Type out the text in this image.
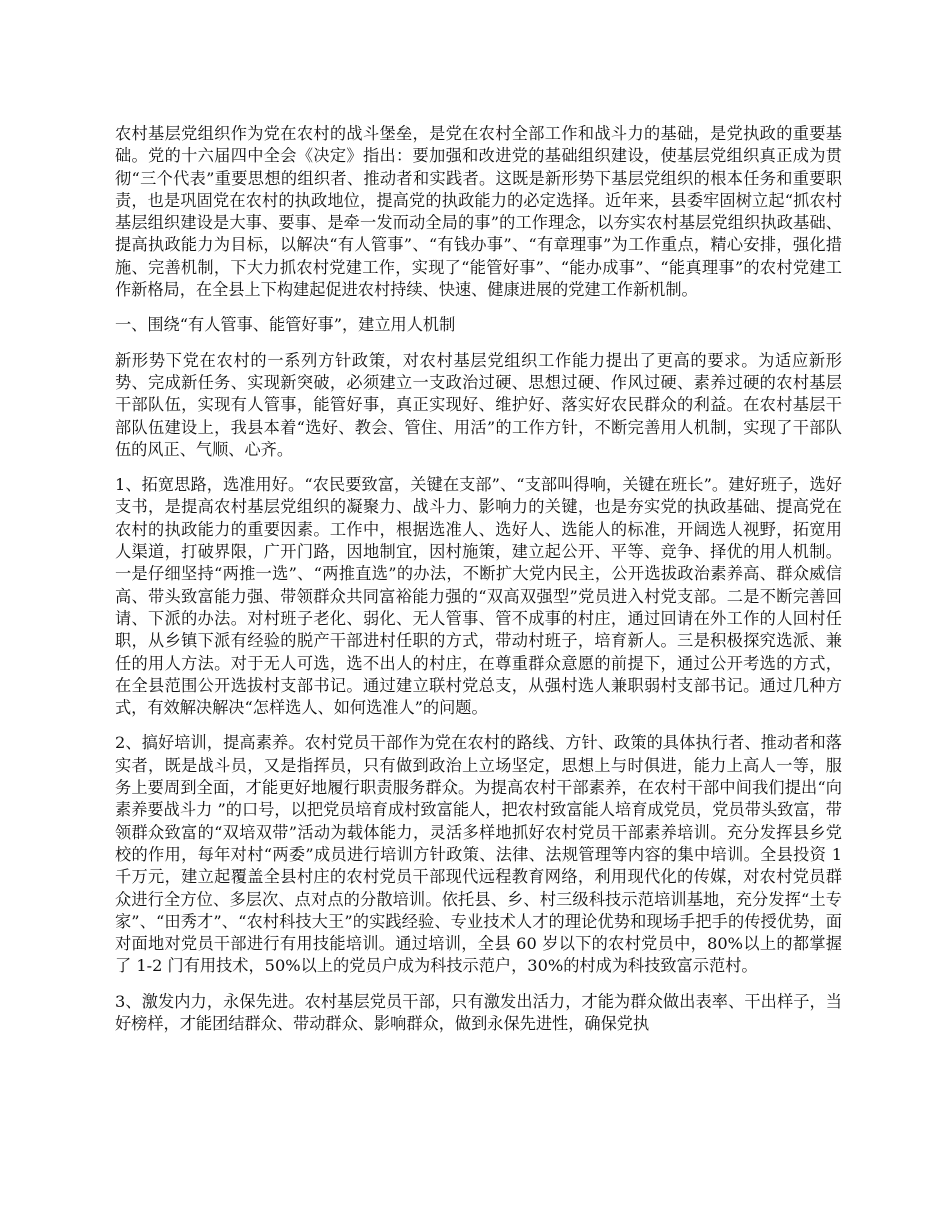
农村基层党组织作为党在农村的战斗堡垒，是党在农村全部工作和战斗力的基础，是党执政的重要基础。党的十六届四中全会《决定》指出：要加强和改进党的基础组织建设，使基层党组织真正成为贯彻“三个代表”重要思想的组织者、推动者和实践者。这既是新形势下基层党组织的根本任务和重要职责，也是巩固党在农村的执政地位，提高党的执政能力的必定选择。近年来，县委牢固树立起“抓农村基层组织建设是大事、要事、是牵一发而动全局的事”的工作理念，以夯实农村基层党组织执政基础、提高执政能力为目标，以解决“有人管事”、“有钱办事”、“有章理事”为工作重点，精心安排，强化措施、完善机制，下大力抓农村党建工作，实现了“能管好事”、“能办成事”、“能真理事”的农村党建工作新格局，在全县上下构建起促进农村持续、快速、健康进展的党建工作新机制。

一、围绕“有人管事、能管好事”，建立用人机制

新形势下党在农村的一系列方针政策，对农村基层党组织工作能力提出了更高的要求。为适应新形势、完成新任务、实现新突破，必须建立一支政治过硬、思想过硬、作风过硬、素养过硬的农村基层干部队伍，实现有人管事，能管好事，真正实现好、维护好、落实好农民群众的利益。在农村基层干部队伍建设上，我县本着“选好、教会、管住、用活”的工作方针，不断完善用人机制，实现了干部队伍的风正、气顺、心齐。

1、拓宽思路，选准用好。“农民要致富，关键在支部”、“支部叫得响，关键在班长”。建好班子，选好支书，是提高农村基层党组织的凝聚力、战斗力、影响力的关键，也是夯实党的执政基础、提高党在农村的执政能力的重要因素。工作中，根据选准人、选好人、选能人的标准，开阔选人视野，拓宽用人渠道，打破界限，广开门路，因地制宜，因村施策，建立起公开、平等、竞争、择优的用人机制。一是仔细坚持“两推一选”、“两推直选”的办法，不断扩大党内民主，公开选拔政治素养高、群众威信高、带头致富能力强、带领群众共同富裕能力强的“双高双强型”党员进入村党支部。二是不断完善回请、下派的办法。对村班子老化、弱化、无人管事、管不成事的村庄，通过回请在外工作的人回村任职，从乡镇下派有经验的脱产干部进村任职的方式，带动村班子，培育新人。三是积极探究选派、兼任的用人方法。对于无人可选，选不出人的村庄，在尊重群众意愿的前提下，通过公开考选的方式，在全县范围公开选拔村支部书记。通过建立联村党总支，从强村选人兼职弱村支部书记。通过几种方式，有效解决解决“怎样选人、如何选准人”的问题。

2、搞好培训，提高素养。农村党员干部作为党在农村的路线、方针、政策的具体执行者、推动者和落实者，既是战斗员，又是指挥员，只有做到政治上立场坚定，思想上与时俱进，能力上高人一等，服务上要周到全面，才能更好地履行职责服务群众。为提高农村干部素养，在农村干部中间我们提出“向素养要战斗力 ”的口号，以把党员培育成村致富能人，把农村致富能人培育成党员，党员带头致富，带领群众致富的“双培双带”活动为载体能力，灵活多样地抓好农村党员干部素养培训。充分发挥县乡党校的作用，每年对村“两委”成员进行培训方针政策、法律、法规管理等内容的集中培训。全县投资 1 千万元，建立起覆盖全县村庄的农村党员干部现代远程教育网络，利用现代化的传媒，对农村党员群众进行全方位、多层次、点对点的分散培训。依托县、乡、村三级科技示范培训基地，充分发挥“土专家”、“田秀才”、“农村科技大王”的实践经验、专业技术人才的理论优势和现场手把手的传授优势，面对面地对党员干部进行有用技能培训。通过培训，全县 60 岁以下的农村党员中，80%以上的都掌握了 1-2 门有用技术，50%以上的党员户成为科技示范户，30%的村成为科技致富示范村。

3、激发内力，永保先进。农村基层党员干部，只有激发出活力，才能为群众做出表率、干出样子，当好榜样，才能团结群众、带动群众、影响群众，做到永保先进性，确保党执
